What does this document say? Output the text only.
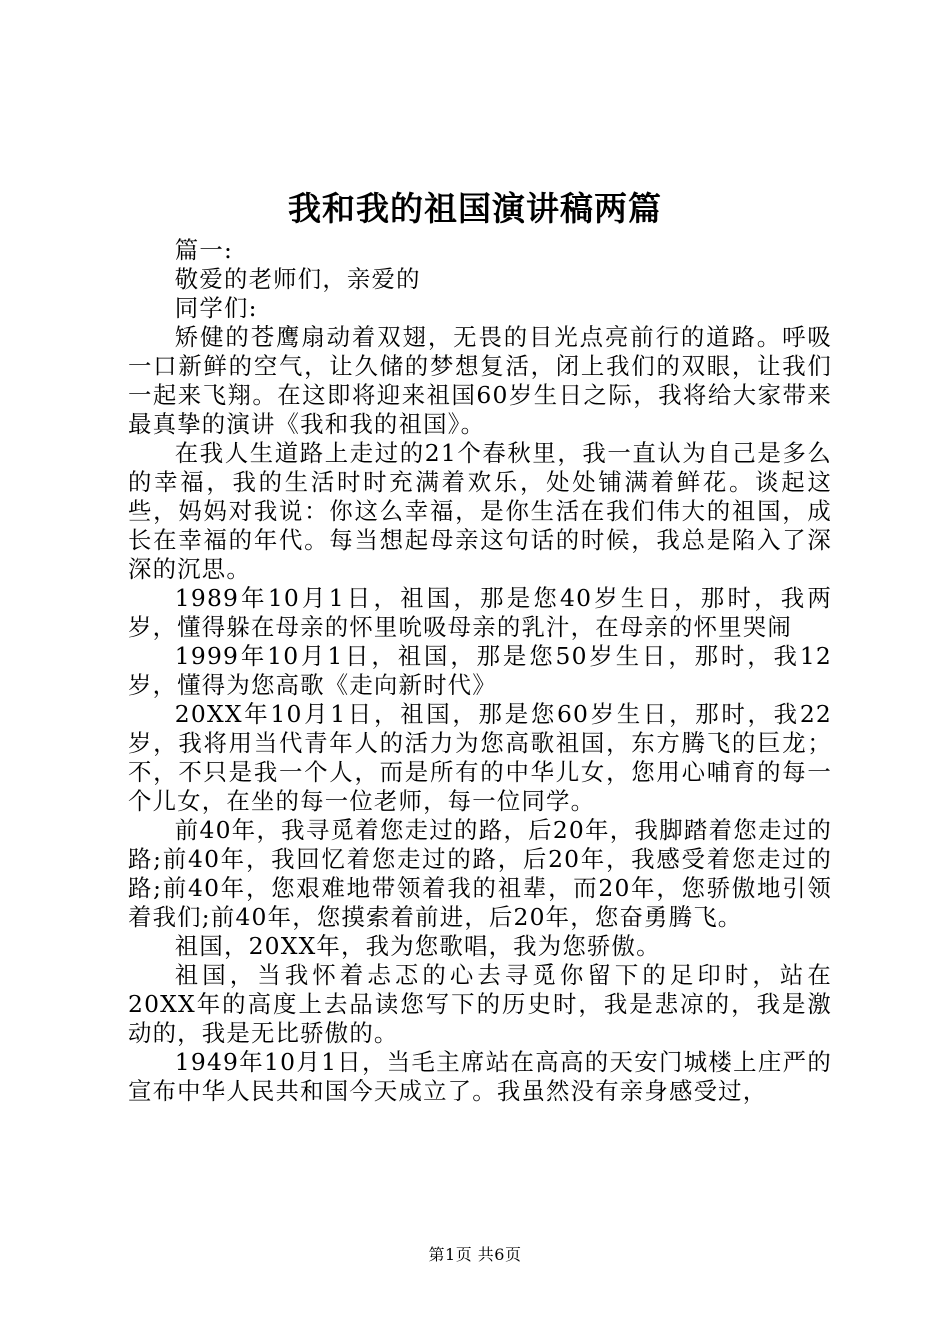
我和我的祖国演讲稿两篇

篇一:

敬爱的老师们，亲爱的

同学们:

矫健的苍鹰扇动着双翅，无畏的目光点亮前行的道路。呼吸一口新鲜的空气，让久储的梦想复活，闭上我们的双眼，让我们一起来飞翔。在这即将迎来祖国60岁生日之际，我将给大家带来最真挚的演讲《我和我的祖国》。

在我人生道路上走过的21个春秋里，我一直认为自己是多么的幸福，我的生活时时充满着欢乐，处处铺满着鲜花。谈起这些，妈妈对我说：你这么幸福，是你生活在我们伟大的祖国，成长在幸福的年代。每当想起母亲这句话的时候，我总是陷入了深深的沉思。

1989年10月1日，祖国，那是您40岁生日，那时，我两岁，懂得躲在母亲的怀里吮吸母亲的乳汁，在母亲的怀里哭闹

1999年10月1日，祖国，那是您50岁生日，那时，我12岁，懂得为您高歌《走向新时代》

20XX年10月1日，祖国，那是您60岁生日，那时，我22岁，我将用当代青年人的活力为您高歌祖国，东方腾飞的巨龙；不，不只是我一个人，而是所有的中华儿女，您用心哺育的每一个儿女，在坐的每一位老师，每一位同学。

前40年，我寻觅着您走过的路，后20年，我脚踏着您走过的路;前40年，我回忆着您走过的路，后20年，我感受着您走过的路;前40年，您艰难地带领着我的祖辈，而20年，您骄傲地引领着我们;前40年，您摸索着前进，后20年，您奋勇腾飞。

祖国，20XX年，我为您歌唱，我为您骄傲。

祖国，当我怀着忐忑的心去寻觅你留下的足印时，站在20XX年的高度上去品读您写下的历史时，我是悲凉的，我是激动的，我是无比骄傲的。

1949年10月1日，当毛主席站在高高的天安门城楼上庄严的宣布中华人民共和国今天成立了。我虽然没有亲身感受过，

第1页 共6页
